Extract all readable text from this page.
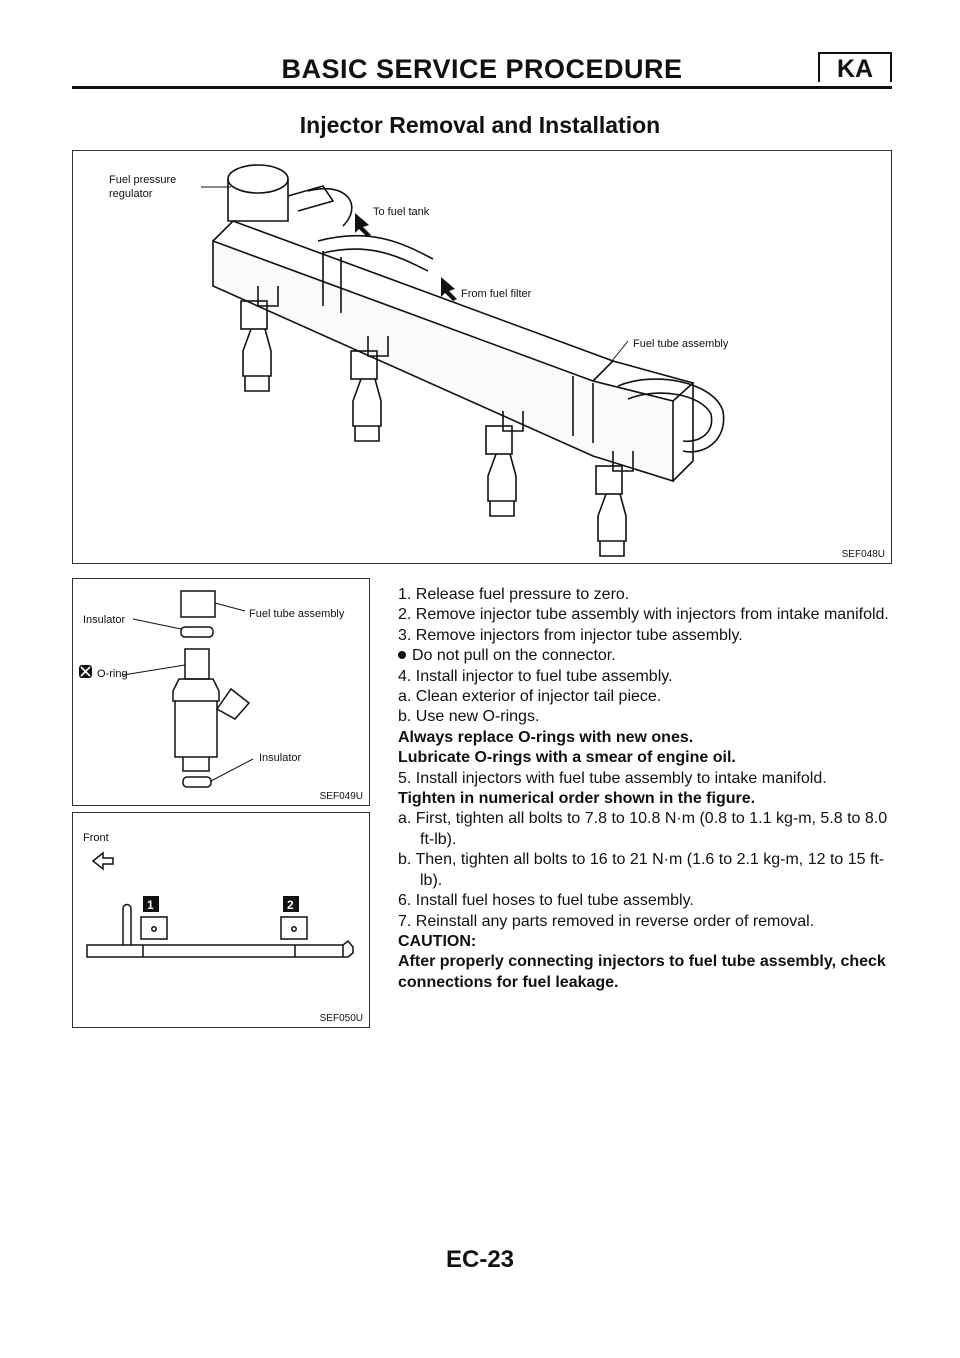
BASIC SERVICE PROCEDURE	KA
Injector Removal and Installation
Fuel pressure
regulator
To fuel tank
From fuel filter
Fuel tube assembly
SEF048U
Insulator	Fuel tube assembly
O-ring
Insulator
SEF049U
1	2
Front
SEF050U

1. Release fuel pressure to zero.

2. Remove injector tube assembly with injectors from intake manifold.

3. Remove injectors from injector tube assembly.

Do not pull on the connector.

4. Install injector to fuel tube assembly.

a. Clean exterior of injector tail piece.

b. Use new O-rings.

Always replace O-rings with new ones.

Lubricate O-rings with a smear of engine oil.

5. Install injectors with fuel tube assembly to intake manifold.

Tighten in numerical order shown in the figure.

a. First, tighten all bolts to 7.8 to 10.8 N·m (0.8 to 1.1 kg-m, 5.8 to 8.0 ft-lb).

b. Then, tighten all bolts to 16 to 21 N·m (1.6 to 2.1 kg-m, 12 to 15 ft-lb).

6. Install fuel hoses to fuel tube assembly.

7. Reinstall any parts removed in reverse order of removal.

CAUTION:

After properly connecting injectors to fuel tube assembly, check connections for fuel leakage.

EC-23
